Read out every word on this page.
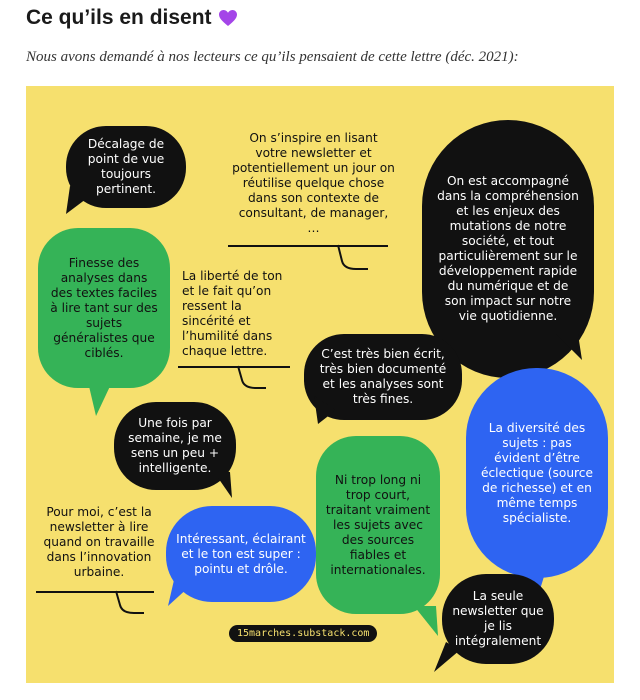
Ce qu’ils en disent
Nous avons demandé à nos lecteurs ce qu’ils pensaient de cette lettre (déc. 2021):
Décalage de point de vue toujours pertinent.
On s’inspire en lisant votre newsletter et potentiellement un jour on réutilise quelque chose dans son contexte de consultant, de manager, …
On est accompagné dans la compréhension et les enjeux des mutations de notre société, et tout particulièrement sur le développement rapide du numérique et de son impact sur notre vie quotidienne.
Finesse des analyses dans des textes faciles à lire tant sur des sujets généralistes que ciblés.
La liberté de ton et le fait qu’on ressent la sincérité et l’humilité dans chaque lettre.	C’est très bien écrit, très bien documenté et les analyses sont très fines.
La diversité des sujets : pas évident d’être éclectique (source de richesse) et en même temps spécialiste.
Une fois par semaine, je me sens un peu + intelligente.
Ni trop long ni trop court, traitant vraiment les sujets avec des sources fiables et internationales.
Pour moi, c’est la newsletter à lire quand on travaille dans l’innovation urbaine.
Intéressant, éclairant et le ton est super : pointu et drôle.
La seule newsletter que je lis intégralement
15marches.substack.com
